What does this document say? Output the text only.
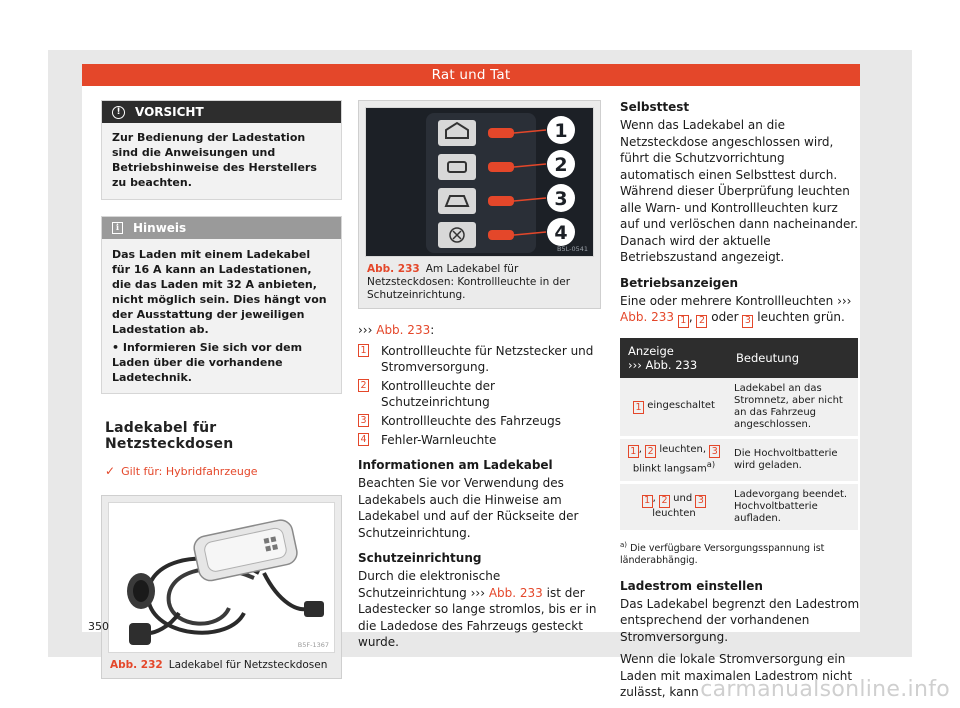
Rat und Tat
!	VORSICHT
Zur Bedienung der Ladestation sind die Anweisungen und Betriebshinweise des Herstellers zu beachten.
i	Hinweis

Das Laden mit einem Ladekabel für 16 A kann an Ladestationen, die das Laden mit 32 A anbieten, nicht möglich sein. Dies hängt von der Ausstattung der jeweiligen Ladestation ab.

• Informieren Sie sich vor dem Laden über die vorhandene Ladetechnik.

Ladekabel für Netzsteckdosen
✓ Gilt für: Hybridfahrzeuge
B5F-1367
Abb. 232 Ladekabel für Netzsteckdosen
1
2
3
4
B5L-0541
Abb. 233 Am Ladekabel für Netzsteckdosen: Kontrollleuchte in der Schutzeinrichtung.
››› Abb. 233:
1 Kontrollleuchte für Netzstecker und Stromversorgung.
2 Kontrollleuchte der Schutzeinrichtung
3 Kontrollleuchte des Fahrzeugs
4 Fehler-Warnleuchte
Informationen am Ladekabel
Beachten Sie vor Verwendung des Ladekabels auch die Hinweise am Ladekabel und auf der Rückseite der Schutzeinrichtung.
Schutzeinrichtung
Durch die elektronische Schutzeinrichtung ››› Abb. 233 ist der Ladestecker so lange stromlos, bis er in die Ladedose des Fahrzeugs gesteckt wurde.
Selbsttest
Wenn das Ladekabel an die Netzsteckdose angeschlossen wird, führt die Schutzvorrichtung automatisch einen Selbsttest durch. Während dieser Überprüfung leuchten alle Warn- und Kontrollleuchten kurz auf und verlöschen dann nacheinander. Danach wird der aktuelle Betriebszustand angezeigt.
Betriebsanzeigen
Eine oder mehrere Kontrollleuchten ››› Abb. 233 1 , 2 oder 3 leuchten grün.
Anzeige
››› Abb. 233	Bedeutung
1 eingeschaltet	Ladekabel an das Stromnetz, aber nicht an das Fahrzeug angeschlossen.
1 , 2 leuchten, 3
blinkt langsam$^{a)}$	Die Hochvoltbatterie wird geladen.
1 , 2 und 3 leuchten	Ladevorgang beendet. Hochvoltbatterie aufladen.
$^{a)}$ Die verfügbare Versorgungsspannung ist länderabhängig.
Ladestrom einstellen
Das Ladekabel begrenzt den Ladestrom entsprechend der vorhandenen Stromversorgung.
Wenn die lokale Stromversorgung ein Laden mit maximalen Ladestrom nicht zulässt, kann
350
carmanualsonline.info
